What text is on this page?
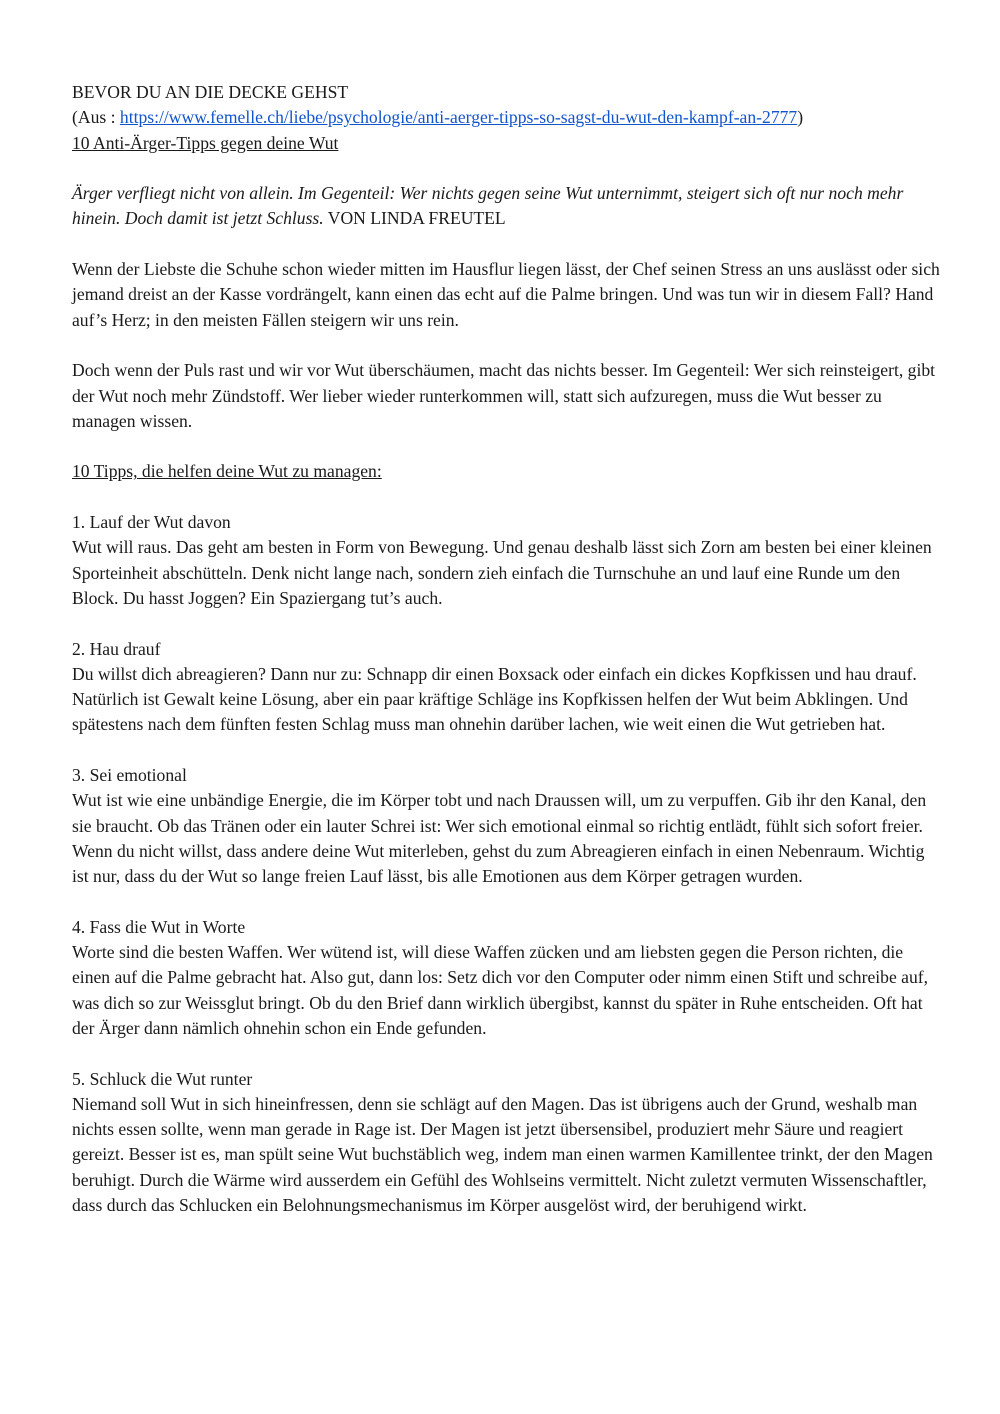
BEVOR DU AN DIE DECKE GEHST

(Aus : https://www.femelle.ch/liebe/psychologie/anti-aerger-tipps-so-sagst-du-wut-den-kampf-an-2777)

10 Anti-Ärger-Tipps gegen deine Wut

Ärger verfliegt nicht von allein. Im Gegenteil: Wer nichts gegen seine Wut unternimmt, steigert sich oft nur noch mehr hinein. Doch damit ist jetzt Schluss. VON LINDA FREUTEL

Wenn der Liebste die Schuhe schon wieder mitten im Hausflur liegen lässt, der Chef seinen Stress an uns auslässt oder sich jemand dreist an der Kasse vordrängelt, kann einen das echt auf die Palme bringen. Und was tun wir in diesem Fall? Hand auf’s Herz; in den meisten Fällen steigern wir uns rein.

Doch wenn der Puls rast und wir vor Wut überschäumen, macht das nichts besser. Im Gegenteil: Wer sich reinsteigert, gibt der Wut noch mehr Zündstoff. Wer lieber wieder runterkommen will, statt sich aufzuregen, muss die Wut besser zu managen wissen.

10 Tipps, die helfen deine Wut zu managen:

1. Lauf der Wut davon

Wut will raus. Das geht am besten in Form von Bewegung. Und genau deshalb lässt sich Zorn am besten bei einer kleinen Sporteinheit abschütteln. Denk nicht lange nach, sondern zieh einfach die Turnschuhe an und lauf eine Runde um den Block. Du hasst Joggen? Ein Spaziergang tut’s auch.

2. Hau drauf

Du willst dich abreagieren? Dann nur zu: Schnapp dir einen Boxsack oder einfach ein dickes Kopfkissen und hau drauf. Natürlich ist Gewalt keine Lösung, aber ein paar kräftige Schläge ins Kopfkissen helfen der Wut beim Abklingen. Und spätestens nach dem fünften festen Schlag muss man ohnehin darüber lachen, wie weit einen die Wut getrieben hat.

3. Sei emotional

Wut ist wie eine unbändige Energie, die im Körper tobt und nach Draussen will, um zu verpuffen. Gib ihr den Kanal, den sie braucht. Ob das Tränen oder ein lauter Schrei ist: Wer sich emotional einmal so richtig entlädt, fühlt sich sofort freier. Wenn du nicht willst, dass andere deine Wut miterleben, gehst du zum Abreagieren einfach in einen Nebenraum. Wichtig ist nur, dass du der Wut so lange freien Lauf lässt, bis alle Emotionen aus dem Körper getragen wurden.

4. Fass die Wut in Worte

Worte sind die besten Waffen. Wer wütend ist, will diese Waffen zücken und am liebsten gegen die Person richten, die einen auf die Palme gebracht hat. Also gut, dann los: Setz dich vor den Computer oder nimm einen Stift und schreibe auf, was dich so zur Weissglut bringt. Ob du den Brief dann wirklich übergibst, kannst du später in Ruhe entscheiden. Oft hat der Ärger dann nämlich ohnehin schon ein Ende gefunden.

5. Schluck die Wut runter

Niemand soll Wut in sich hineinfressen, denn sie schlägt auf den Magen. Das ist übrigens auch der Grund, weshalb man nichts essen sollte, wenn man gerade in Rage ist. Der Magen ist jetzt übersensibel, produziert mehr Säure und reagiert gereizt. Besser ist es, man spült seine Wut buchstäblich weg, indem man einen warmen Kamillentee trinkt, der den Magen beruhigt. Durch die Wärme wird ausserdem ein Gefühl des Wohlseins vermittelt. Nicht zuletzt vermuten Wissenschaftler, dass durch das Schlucken ein Belohnungsmechanismus im Körper ausgelöst wird, der beruhigend wirkt.
